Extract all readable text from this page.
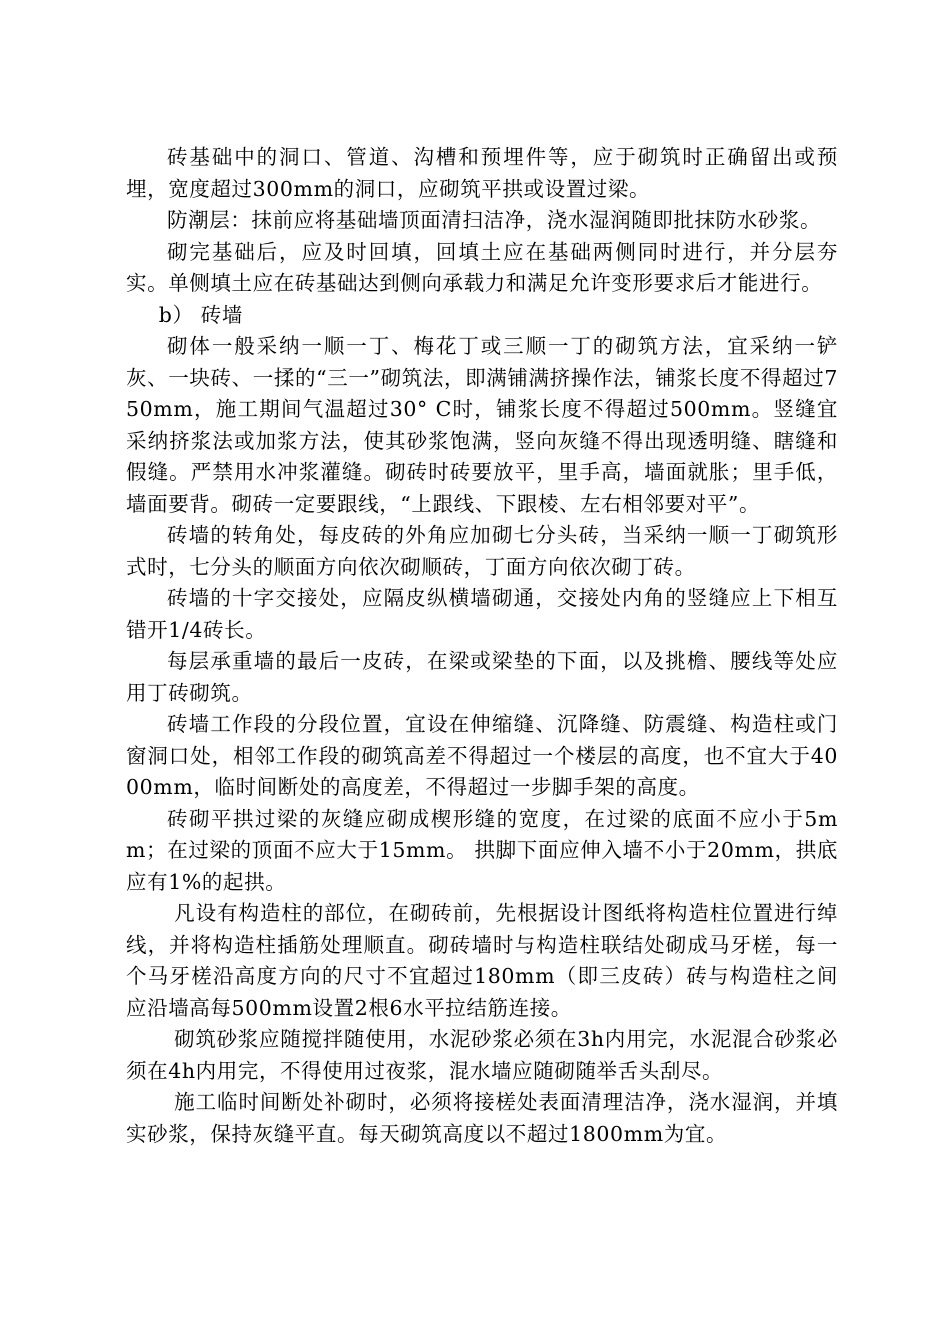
砖基础中的洞口、管道、沟槽和预埋件等，应于砌筑时正确留出或预埋，宽度超过300mm的洞口，应砌筑平拱或设置过梁。

防潮层：抹前应将基础墙顶面清扫洁净，浇水湿润随即批抹防水砂浆。

砌完基础后，应及时回填，回填土应在基础两侧同时进行，并分层夯实。单侧填土应在砖基础达到侧向承载力和满足允许变形要求后才能进行。

b） 砖墙

砌体一般采纳一顺一丁、梅花丁或三顺一丁的砌筑方法，宜采纳一铲灰、一块砖、一揉的“三一”砌筑法，即满铺满挤操作法，铺浆长度不得超过750mm，施工期间气温超过30° C时，铺浆长度不得超过500mm。竖缝宜采纳挤浆法或加浆方法，使其砂浆饱满，竖向灰缝不得出现透明缝、瞎缝和假缝。严禁用水冲浆灌缝。砌砖时砖要放平，里手高，墙面就胀；里手低，墙面要背。砌砖一定要跟线，“上跟线、下跟棱、左右相邻要对平”。

砖墙的转角处，每皮砖的外角应加砌七分头砖，当采纳一顺一丁砌筑形式时，七分头的顺面方向依次砌顺砖，丁面方向依次砌丁砖。

砖墙的十字交接处，应隔皮纵横墙砌通，交接处内角的竖缝应上下相互错开1/4砖长。

每层承重墙的最后一皮砖，在梁或梁垫的下面，以及挑檐、腰线等处应用丁砖砌筑。

砖墙工作段的分段位置，宜设在伸缩缝、沉降缝、防震缝、构造柱或门窗洞口处，相邻工作段的砌筑高差不得超过一个楼层的高度，也不宜大于4000mm，临时间断处的高度差，不得超过一步脚手架的高度。

砖砌平拱过梁的灰缝应砌成楔形缝的宽度，在过梁的底面不应小于5mm；在过梁的顶面不应大于15mm。 拱脚下面应伸入墙不小于20mm，拱底应有1%的起拱。

凡设有构造柱的部位，在砌砖前，先根据设计图纸将构造柱位置进行绰线，并将构造柱插筋处理顺直。砌砖墙时与构造柱联结处砌成马牙槎，每一个马牙槎沿高度方向的尺寸不宜超过180mm（即三皮砖）砖与构造柱之间应沿墙高每500mm设置2根6水平拉结筋连接。

砌筑砂浆应随搅拌随使用，水泥砂浆必须在3h内用完，水泥混合砂浆必须在4h内用完，不得使用过夜浆，混水墙应随砌随举舌头刮尽。

施工临时间断处补砌时，必须将接槎处表面清理洁净，浇水湿润，并填实砂浆，保持灰缝平直。每天砌筑高度以不超过1800mm为宜。
